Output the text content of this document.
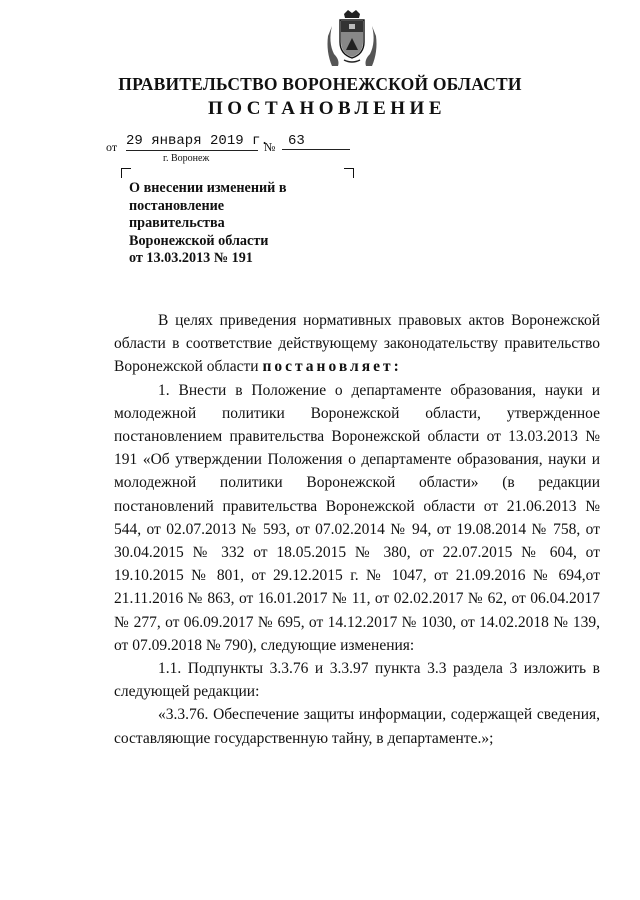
ПРАВИТЕЛЬСТВО ВОРОНЕЖСКОЙ ОБЛАСТИ
ПОСТАНОВЛЕНИЕ
от 29 января 2019 г.
№ 63
г. Воронеж
О внесении изменений в
постановление
правительства
Воронежской области
от 13.03.2013 № 191

В целях приведения нормативных правовых актов Воронежской области в соответствие действующему законодательству правительство Воронежской области постановляет:

1. Внести в Положение о департаменте образования, науки и молодежной политики Воронежской области, утвержденное постановлением правительства Воронежской области от 13.03.2013 № 191 «Об утверждении Положения о департаменте образования, науки и молодежной политики Воронежской области» (в редакции постановлений правительства Воронежской области от 21.06.2013 № 544, от 02.07.2013 № 593, от 07.02.2014 № 94, от 19.08.2014 № 758, от 30.04.2015 № 332 от 18.05.2015 № 380, от 22.07.2015 № 604, от 19.10.2015 № 801, от 29.12.2015 г. № 1047, от 21.09.2016 № 694,от 21.11.2016 № 863, от 16.01.2017 № 11, от 02.02.2017 № 62, от 06.04.2017 № 277, от 06.09.2017 № 695, от 14.12.2017 № 1030, от 14.02.2018 № 139, от 07.09.2018 № 790), следующие изменения:

1.1. Подпункты 3.3.76 и 3.3.97 пункта 3.3 раздела 3 изложить в следующей редакции:

«3.3.76. Обеспечение защиты информации, содержащей сведения, составляющие государственную тайну, в департаменте.»;
